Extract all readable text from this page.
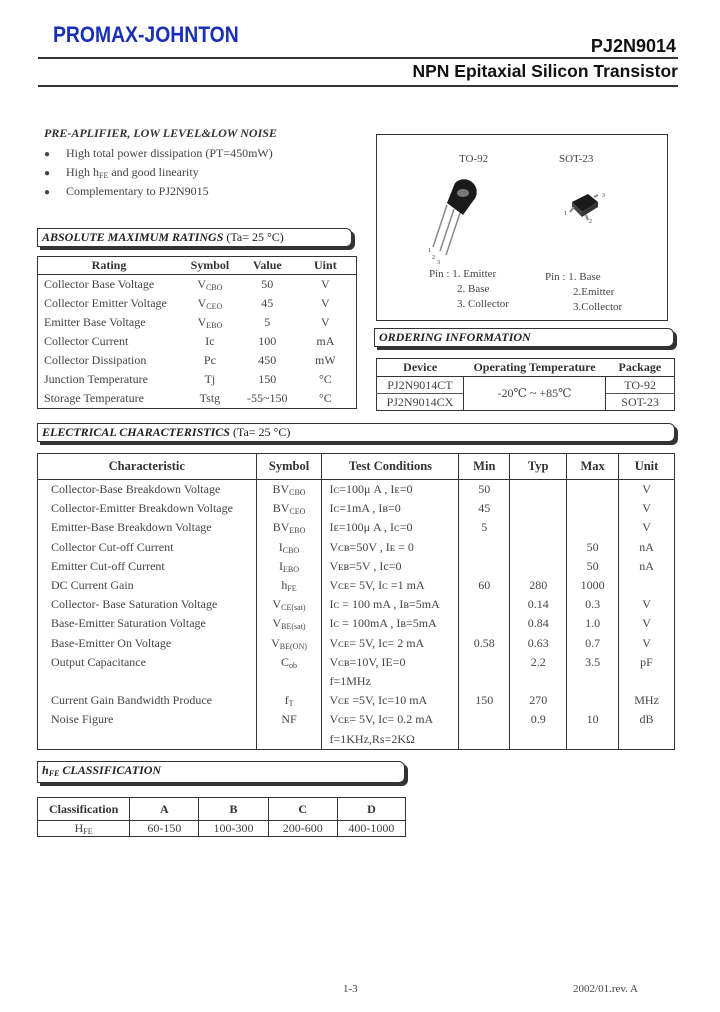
PROMAX-JOHNTON	PJ2N9014
NPN Epitaxial Silicon Transistor
PRE-APLIFIER, LOW LEVEL&LOW NOISE
● High total power dissipation (PT=450mW)
● High $h_{FE}$ and good linearity
● Complementary to PJ2N9015
TO-92	SOT-23
1
2
3
1
2
3
Pin : 1. Emitter
2. Base
3. Collector
Pin : 1. Base
2.Emitter
3.Collector
ABSOLUTE MAXIMUM RATINGS (Ta= 25 °C)
Rating	Symbol	Value	Uint
Collector Base Voltage	$V_{CBO}$	50	V
Collector Emitter Voltage	$V_{CEO}$	45	V
Emitter Base Voltage	$V_{EBO}$	5	V
Collector Current	Ic	100	mA
Collector Dissipation	Pc	450	mW
Junction Temperature	Tj	150	°C
Storage Temperature	Tstg	-55~150	°C
ORDERING INFORMATION
Device	Operating Temperature	Package
PJ2N9014CT	-20℃ ~ +85℃	TO-92
PJ2N9014CX		SOT-23
ELECTRICAL CHARACTERISTICS (Ta= 25 °C)
Characteristic	Symbol	Test Conditions	Min	Typ	Max	Unit
Collector-Base Breakdown Voltage	$BV_{CBO}$	Iᴄ=100μ A , Iᴇ=0	50			V
Collector-Emitter Breakdown Voltage	$BV_{CEO}$	Iᴄ=1mA , Iʙ=0	45			V
Emitter-Base Breakdown Voltage	$BV_{EBO}$	Iᴇ=100μ A , Iᴄ=0	5			V
Collector Cut-off Current	$I_{CBO}$	Vᴄʙ=50V , Iᴇ = 0			50	nA
Emitter Cut-off Current	$I_{EBO}$	Vᴇʙ=5V , Ic=0			50	nA
DC Current Gain	$h_{FE}$	Vᴄᴇ= 5V, Iᴄ =1 mA	60	280	1000	
Collector- Base Saturation Voltage	$V_{CE(sat)}$	Iᴄ = 100 mA , Iʙ=5mA		0.14	0.3	V
Base-Emitter Saturation Voltage	$V_{BE(sat)}$	Iᴄ = 100mA , Iʙ=5mA		0.84	1.0	V
Base-Emitter On Voltage	$V_{BE(ON)}$	Vᴄᴇ= 5V, Ic= 2 mA	0.58	0.63	0.7	V
Output Capacitance	$C_{ob}$	Vᴄʙ=10V, IE=0		2.2	3.5	pF
		f=1MHz				
Current Gain Bandwidth Produce	$f_T$	Vᴄᴇ =5V, Ic=10 mA	150	270		MHz
Noise Figure	NF	Vᴄᴇ= 5V, Ic= 0.2 mA		0.9	10	dB
		f=1KHz,Rs=2KΩ				
$h_{FE}$ CLASSIFICATION
Classification	A	B	C	D
$H_{FE}$	60-150	100-300	200-600	400-1000
1-3	2002/01.rev. A
